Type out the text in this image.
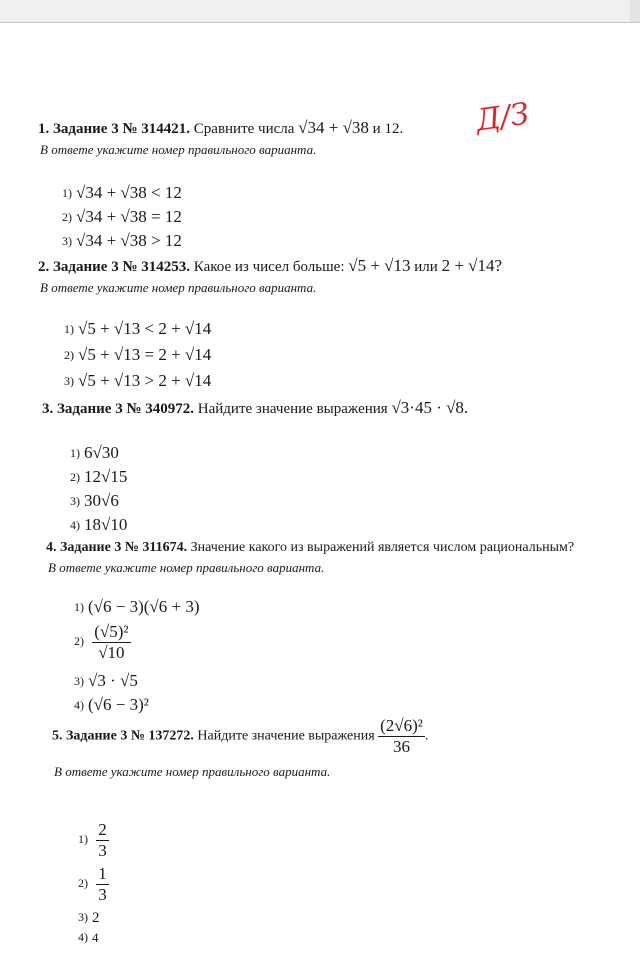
Д/З
1. Задание 3 № 314421. Сравните числа √34 + √38 и 12.
В ответе укажите номер правильного варианта.
1) √34 + √38 < 12
2) √34 + √38 = 12
3) √34 + √38 > 12
2. Задание 3 № 314253. Какое из чисел больше: √5 + √13 или 2 + √14?
В ответе укажите номер правильного варианта.
1) √5 + √13 < 2 + √14
2) √5 + √13 = 2 + √14
3) √5 + √13 > 2 + √14
3. Задание 3 № 340972. Найдите значение выражения √3·45 · √8.
1) 6√30
2) 12√15
3) 30√6
4) 18√10
4. Задание 3 № 311674. Значение какого из выражений является числом рациональным?
В ответе укажите номер правильного варианта.
1) (√6 − 3)(√6 + 3)
$2) \frac{\text{(√5)²}}{√10}$
3) √3 · √5
4) (√6 − 3)²
5. Задание 3 № 137272. Найдите значение выражения $\frac{\text{(2√6)²}}{36}$ .
В ответе укажите номер правильного варианта.
$1) \frac{2}{3}$
$2) \frac{1}{3}$
3) 2
4) 4
